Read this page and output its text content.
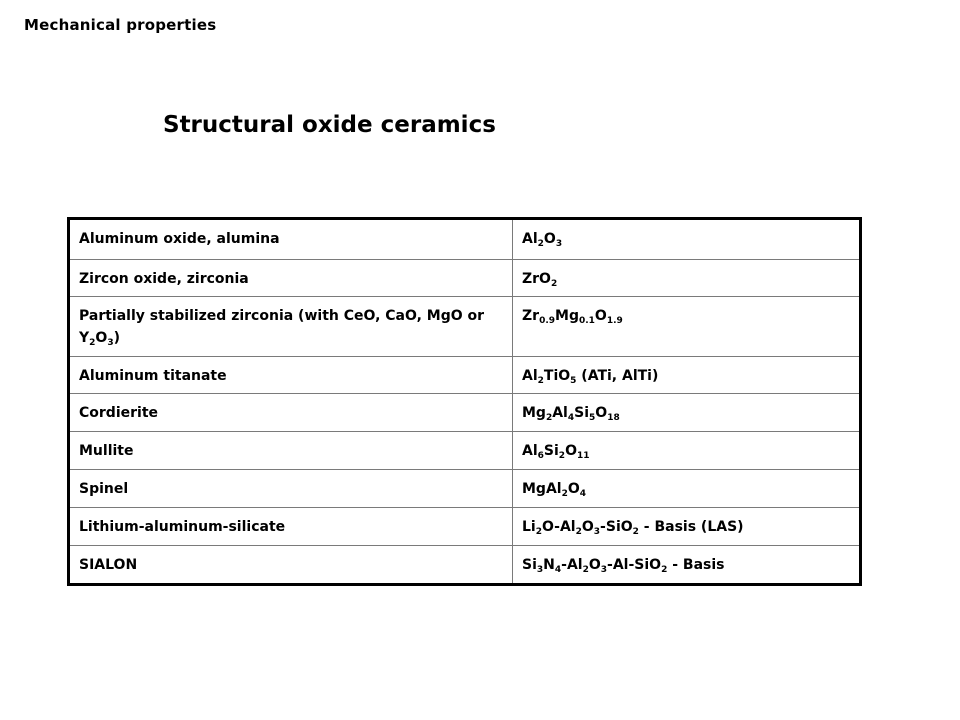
Mechanical properties
Structural oxide ceramics
Aluminum oxide, alumina	$Al_2O_3$
Zircon oxide, zirconia	ZrO$_2$
Partially stabilized zirconia (with CeO, CaO, MgO or $Y_2O_3$)	$Zr_{0.9}Mg_{0.1}O_{1.9}$
Aluminum titanate	$Al_2TiO_5$ (ATi, AlTi)
Cordierite	$Mg_2Al_4Si_5O_{18}$
Mullite	$Al_6Si_2O_{11}$
Spinel	$MgAl_2O_4$
Lithium-aluminum-silicate	$Li_2O-Al_2O_3-SiO_2$ - Basis (LAS)
SIALON	$Si_3N_4-Al_2O_3-Al-SiO_2$ - Basis
